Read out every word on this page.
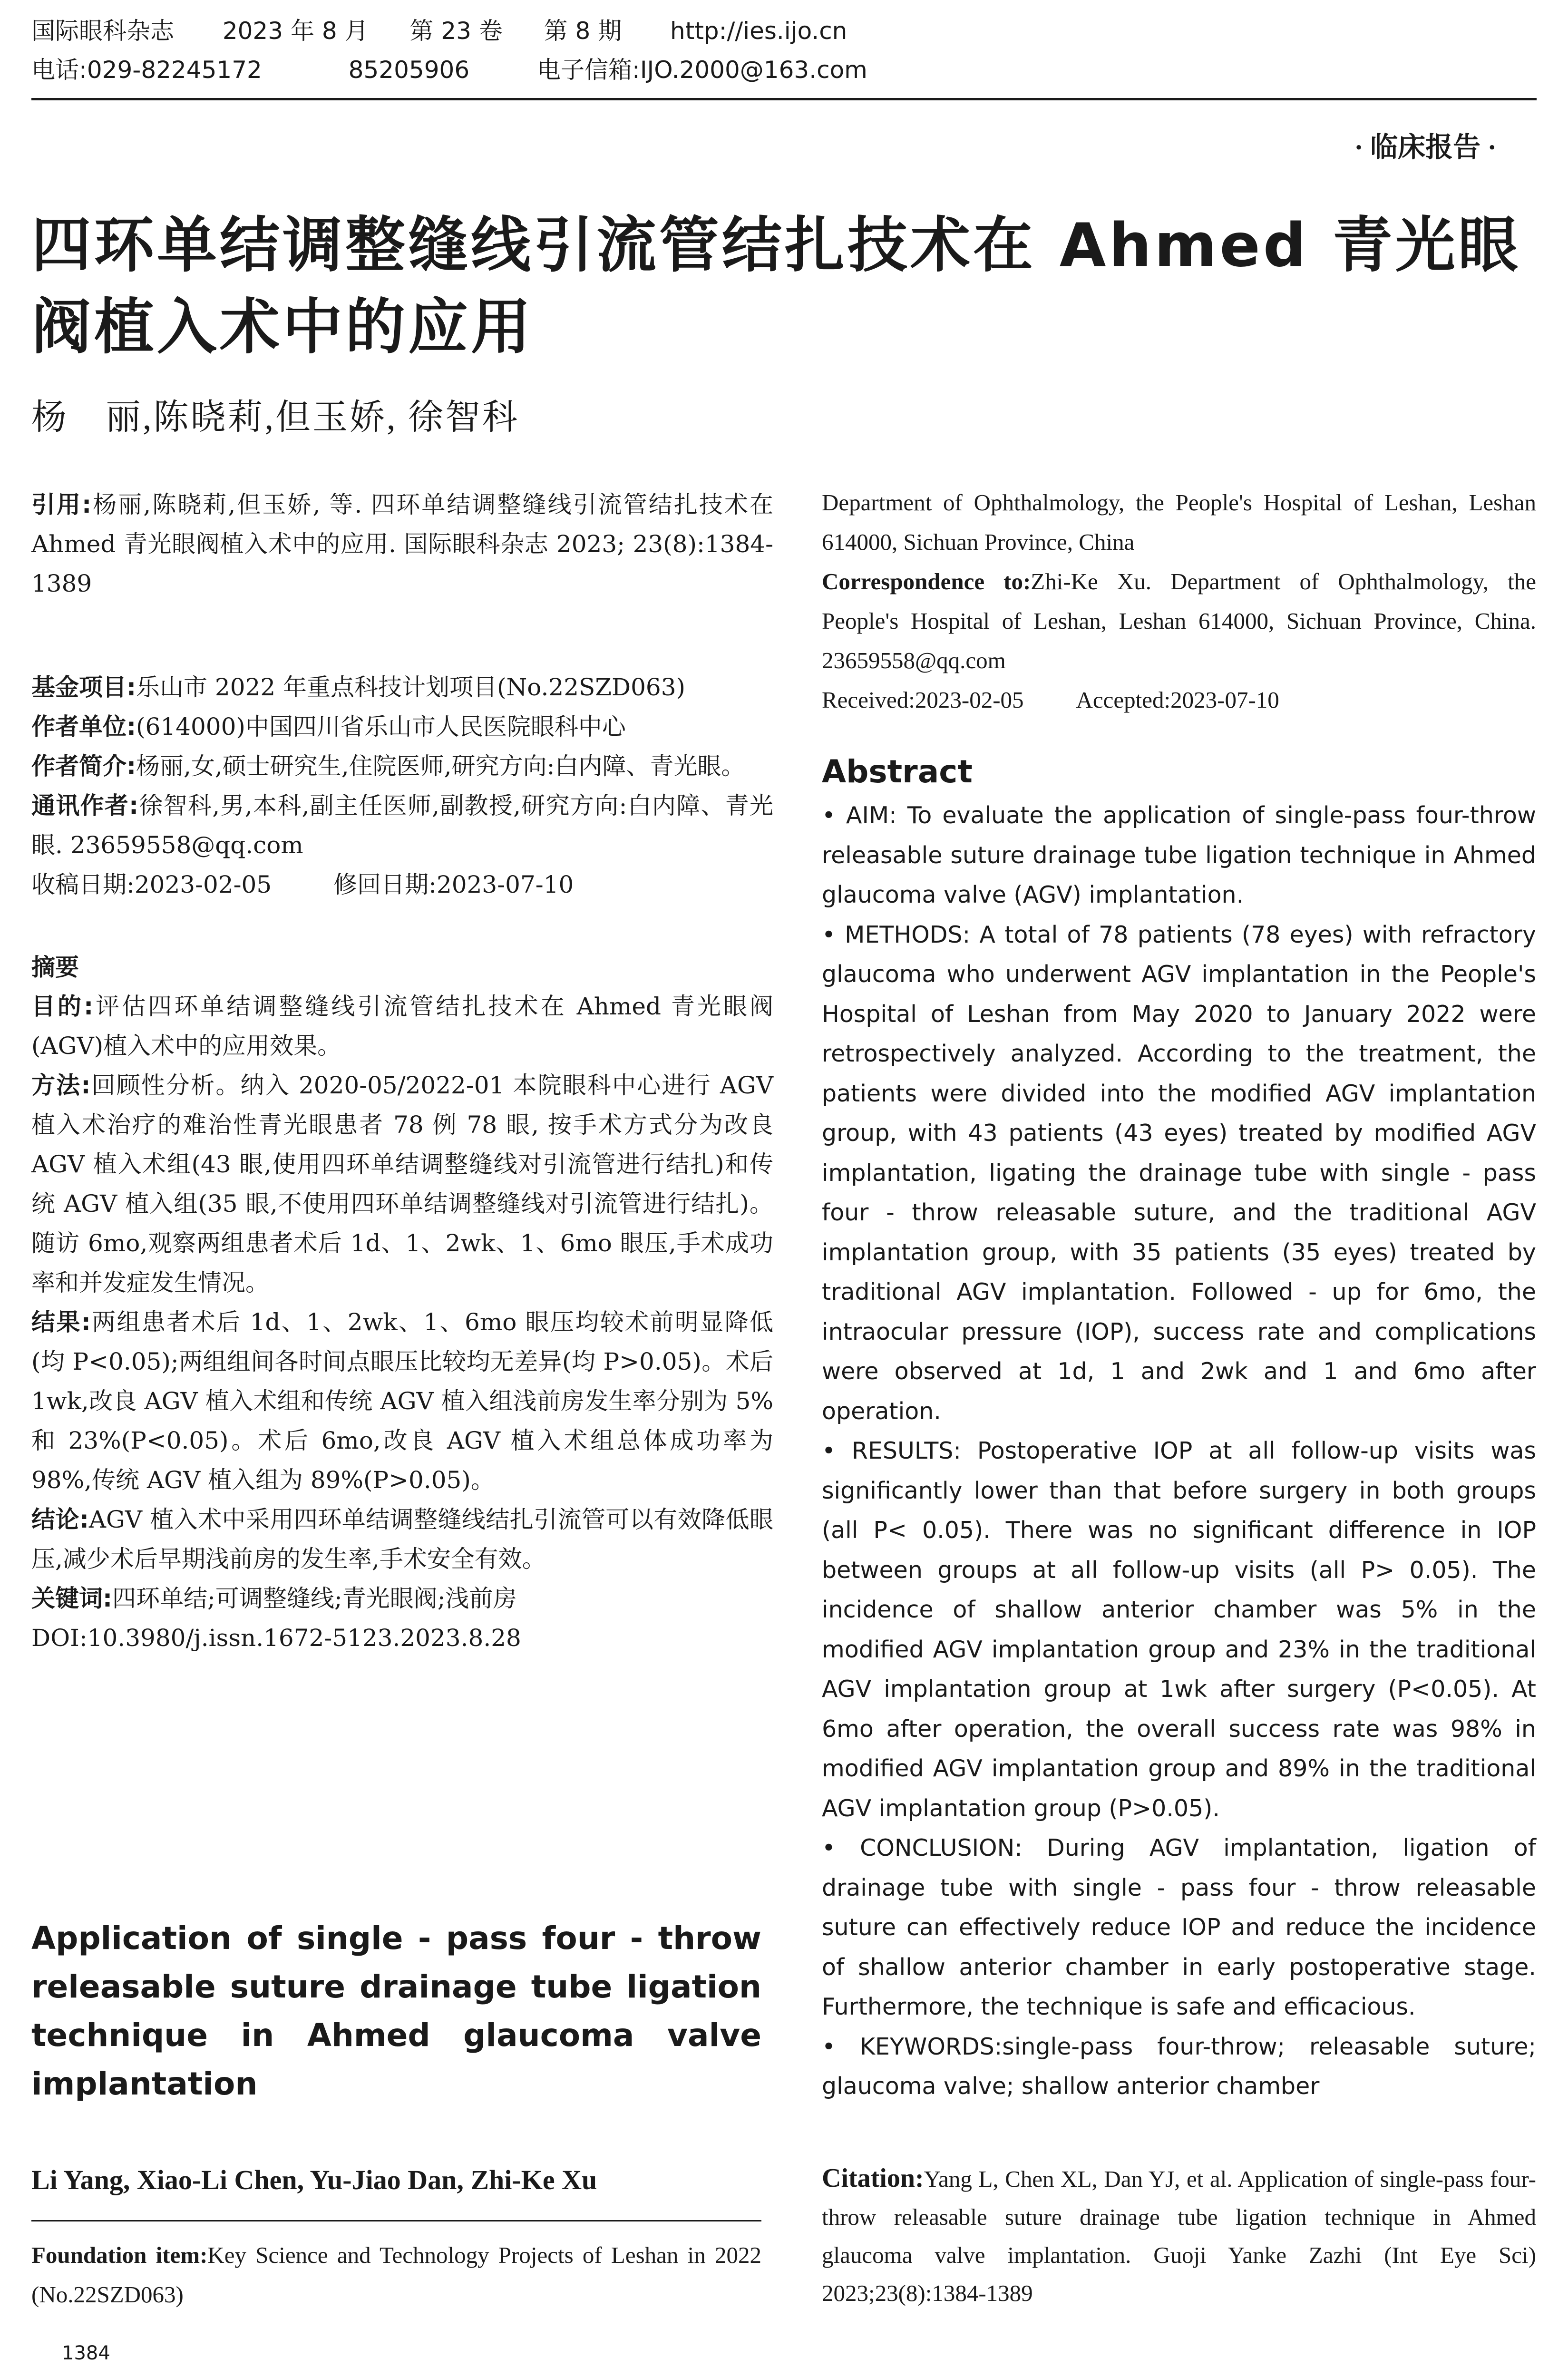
国际眼科杂志 2023 年 8 月 第 23 卷 第 8 期 http://ies.ijo.cn
电话:029-82245172	85205906	电子信箱:IJO.2000@163.com
· 临床报告 ·
四环单结调整缝线引流管结扎技术在 Ahmed 青光眼阀植入术中的应用
杨　丽,陈晓莉,但玉娇, 徐智科

引用:杨丽,陈晓莉,但玉娇, 等. 四环单结调整缝线引流管结扎技术在 Ahmed 青光眼阀植入术中的应用. 国际眼科杂志 2023; 23(8):1384-1389

基金项目:乐山市 2022 年重点科技计划项目(No.22SZD063)

作者单位:(614000)中国四川省乐山市人民医院眼科中心

作者简介:杨丽,女,硕士研究生,住院医师,研究方向:白内障、青光眼。

通讯作者:徐智科,男,本科,副主任医师,副教授,研究方向:白内障、青光眼. 23659558@qq.com

收稿日期:2023-02-05	修回日期:2023-07-10

摘要

目的:评估四环单结调整缝线引流管结扎技术在 Ahmed 青光眼阀(AGV)植入术中的应用效果。

方法:回顾性分析。纳入 2020-05/2022-01 本院眼科中心进行 AGV 植入术治疗的难治性青光眼患者 78 例 78 眼, 按手术方式分为改良 AGV 植入术组(43 眼,使用四环单结调整缝线对引流管进行结扎)和传统 AGV 植入组(35 眼,不使用四环单结调整缝线对引流管进行结扎)。随访 6mo,观察两组患者术后 1d、1、2wk、1、6mo 眼压,手术成功率和并发症发生情况。

结果:两组患者术后 1d、1、2wk、1、6mo 眼压均较术前明显降低(均 P<0.05);两组组间各时间点眼压比较均无差异(均 P>0.05)。术后 1wk,改良 AGV 植入术组和传统 AGV 植入组浅前房发生率分别为 5%和 23%(P<0.05)。术后 6mo,改良 AGV 植入术组总体成功率为98%,传统 AGV 植入组为 89%(P>0.05)。

结论:AGV 植入术中采用四环单结调整缝线结扎引流管可以有效降低眼压,减少术后早期浅前房的发生率,手术安全有效。

关键词:四环单结;可调整缝线;青光眼阀;浅前房

DOI:10.3980/j.issn.1672-5123.2023.8.28

Application of single - pass four - throw releasable suture drainage tube ligation technique in Ahmed glaucoma valve implantation
Li Yang, Xiao-Li Chen, Yu-Jiao Dan, Zhi-Ke Xu

Foundation item:Key Science and Technology Projects of Leshan in 2022 (No.22SZD063)

1384

Department of Ophthalmology, the People's Hospital of Leshan, Leshan 614000, Sichuan Province, China

Correspondence to:Zhi-Ke Xu. Department of Ophthalmology, the People's Hospital of Leshan, Leshan 614000, Sichuan Province, China. 23659558@qq.com

Received:2023-02-05 Accepted:2023-07-10

Abstract

• AIM: To evaluate the application of single-pass four-throw releasable suture drainage tube ligation technique in Ahmed glaucoma valve (AGV) implantation.

• METHODS: A total of 78 patients (78 eyes) with refractory glaucoma who underwent AGV implantation in the People's Hospital of Leshan from May 2020 to January 2022 were retrospectively analyzed. According to the treatment, the patients were divided into the modified AGV implantation group, with 43 patients (43 eyes) treated by modified AGV implantation, ligating the drainage tube with single - pass four - throw releasable suture, and the traditional AGV implantation group, with 35 patients (35 eyes) treated by traditional AGV implantation. Followed - up for 6mo, the intraocular pressure (IOP), success rate and complications were observed at 1d, 1 and 2wk and 1 and 6mo after operation.

• RESULTS: Postoperative IOP at all follow-up visits was significantly lower than that before surgery in both groups (all P< 0.05). There was no significant difference in IOP between groups at all follow-up visits (all P> 0.05). The incidence of shallow anterior chamber was 5% in the modified AGV implantation group and 23% in the traditional AGV implantation group at 1wk after surgery (P<0.05). At 6mo after operation, the overall success rate was 98% in modified AGV implantation group and 89% in the traditional AGV implantation group (P>0.05).

• CONCLUSION: During AGV implantation, ligation of drainage tube with single - pass four - throw releasable suture can effectively reduce IOP and reduce the incidence of shallow anterior chamber in early postoperative stage. Furthermore, the technique is safe and efficacious.

• KEYWORDS:single-pass four-throw; releasable suture; glaucoma valve; shallow anterior chamber

Citation:Yang L, Chen XL, Dan YJ, et al. Application of single-pass four-throw releasable suture drainage tube ligation technique in Ahmed glaucoma valve implantation. Guoji Yanke Zazhi (Int Eye Sci) 2023;23(8):1384-1389
